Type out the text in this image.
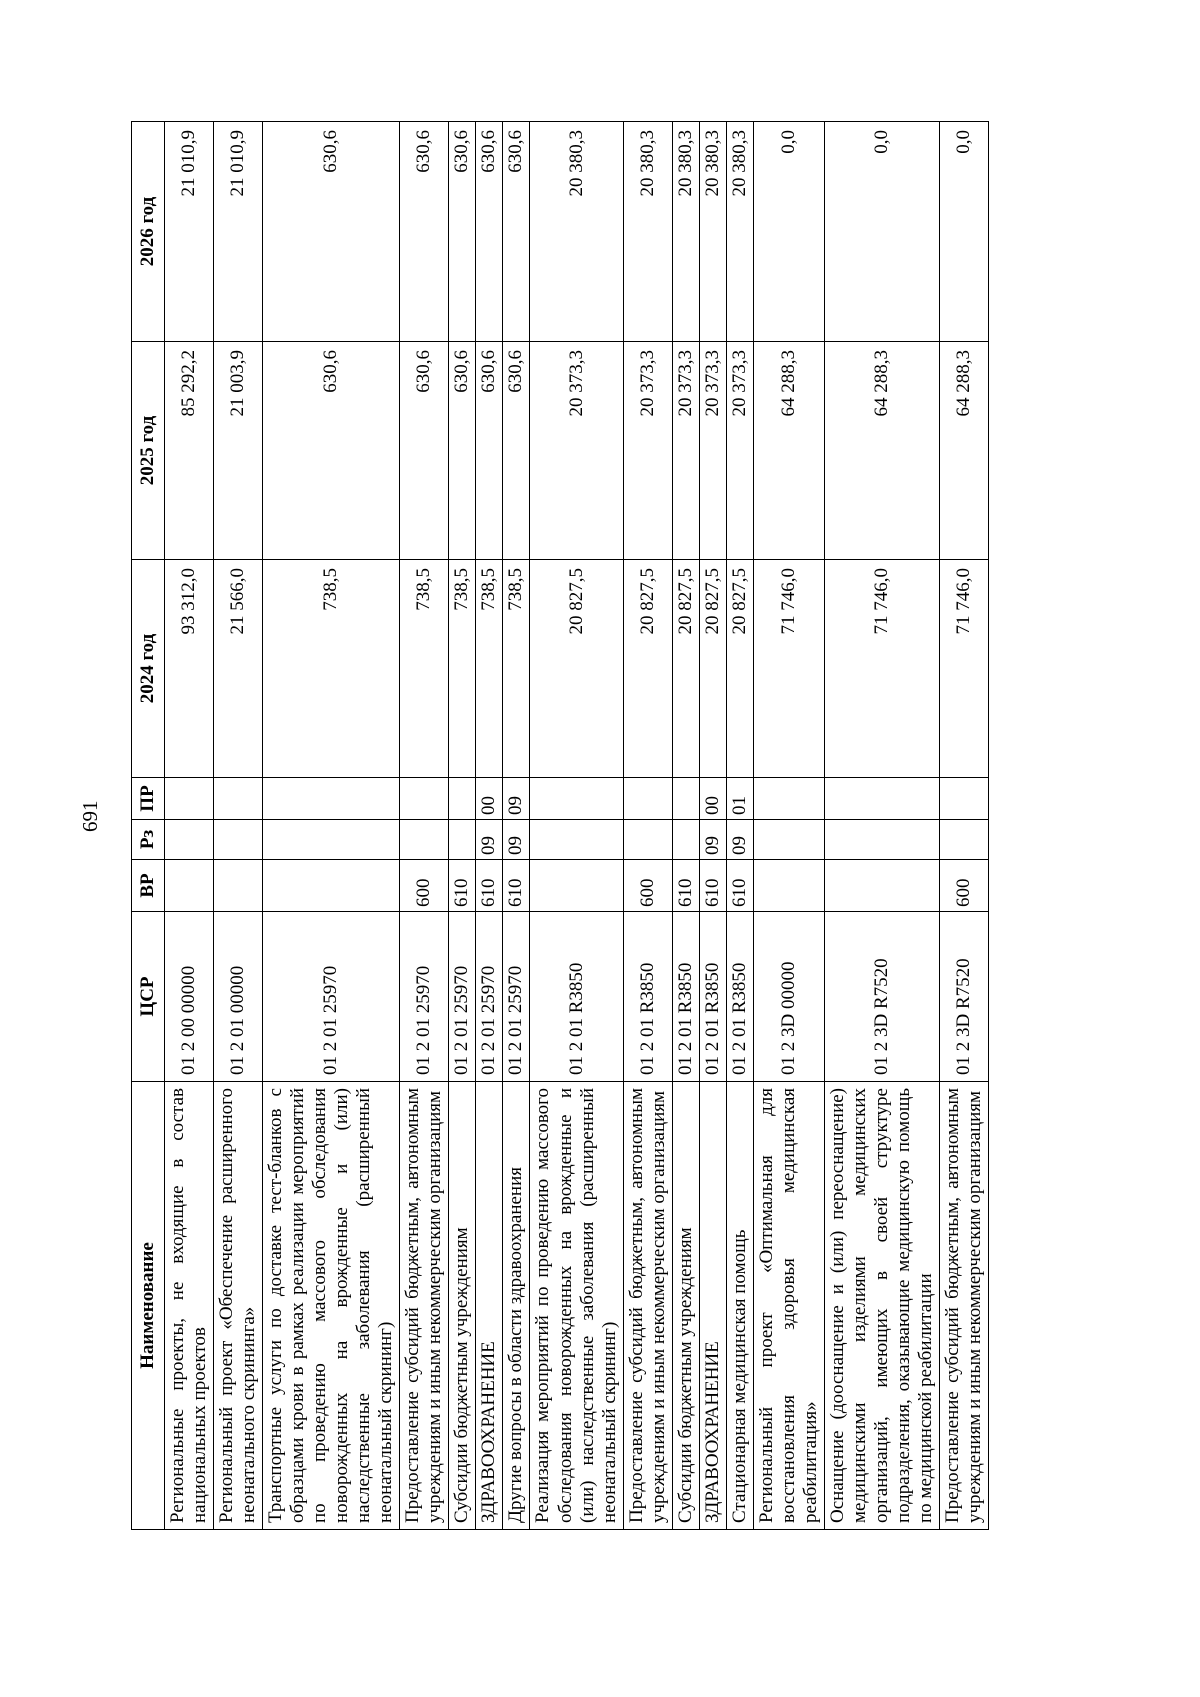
691
Наименование	ЦСР	ВР	Рз	ПР	2024 год	2025 год	2026 год
Региональные проекты, не входящие в состав национальных проектов	01 2 00 00000				93 312,0	85 292,2	21 010,9
Региональный проект «Обеспечение расширенного неонатального скрининга»	01 2 01 00000				21 566,0	21 003,9	21 010,9
Транспортные услуги по доставке тест-бланков с образцами крови в рамках реализации мероприятий по проведению массового обследования новорожденных на врожденные и (или) наследственные заболевания (расширенный неонатальный скрининг)	01 2 01 25970				738,5	630,6	630,6
Предоставление субсидий бюджетным, автономным учреждениям и иным некоммерческим организациям	01 2 01 25970	600			738,5	630,6	630,6
Субсидии бюджетным учреждениям	01 2 01 25970	610			738,5	630,6	630,6
ЗДРАВООХРАНЕНИЕ	01 2 01 25970	610	09	00	738,5	630,6	630,6
Другие вопросы в области здравоохранения	01 2 01 25970	610	09	09	738,5	630,6	630,6
Реализация мероприятий по проведению массового обследования новорожденных на врожденные и (или) наследственные заболевания (расширенный неонатальный скрининг)	01 2 01 R3850				20 827,5	20 373,3	20 380,3
Предоставление субсидий бюджетным, автономным учреждениям и иным некоммерческим организациям	01 2 01 R3850	600			20 827,5	20 373,3	20 380,3
Субсидии бюджетным учреждениям	01 2 01 R3850	610			20 827,5	20 373,3	20 380,3
ЗДРАВООХРАНЕНИЕ	01 2 01 R3850	610	09	00	20 827,5	20 373,3	20 380,3
Стационарная медицинская помощь	01 2 01 R3850	610	09	01	20 827,5	20 373,3	20 380,3
Региональный проект «Оптимальная для восстановления здоровья медицинская реабилитация»	01 2 3D 00000				71 746,0	64 288,3	0,0
Оснащение (дооснащение и (или) переоснащение) медицинскими изделиями медицинских организаций, имеющих в своей структуре подразделения, оказывающие медицинскую помощь по медицинской реабилитации	01 2 3D R7520				71 746,0	64 288,3	0,0
Предоставление субсидий бюджетным, автономным учреждениям и иным некоммерческим организациям	01 2 3D R7520	600			71 746,0	64 288,3	0,0
